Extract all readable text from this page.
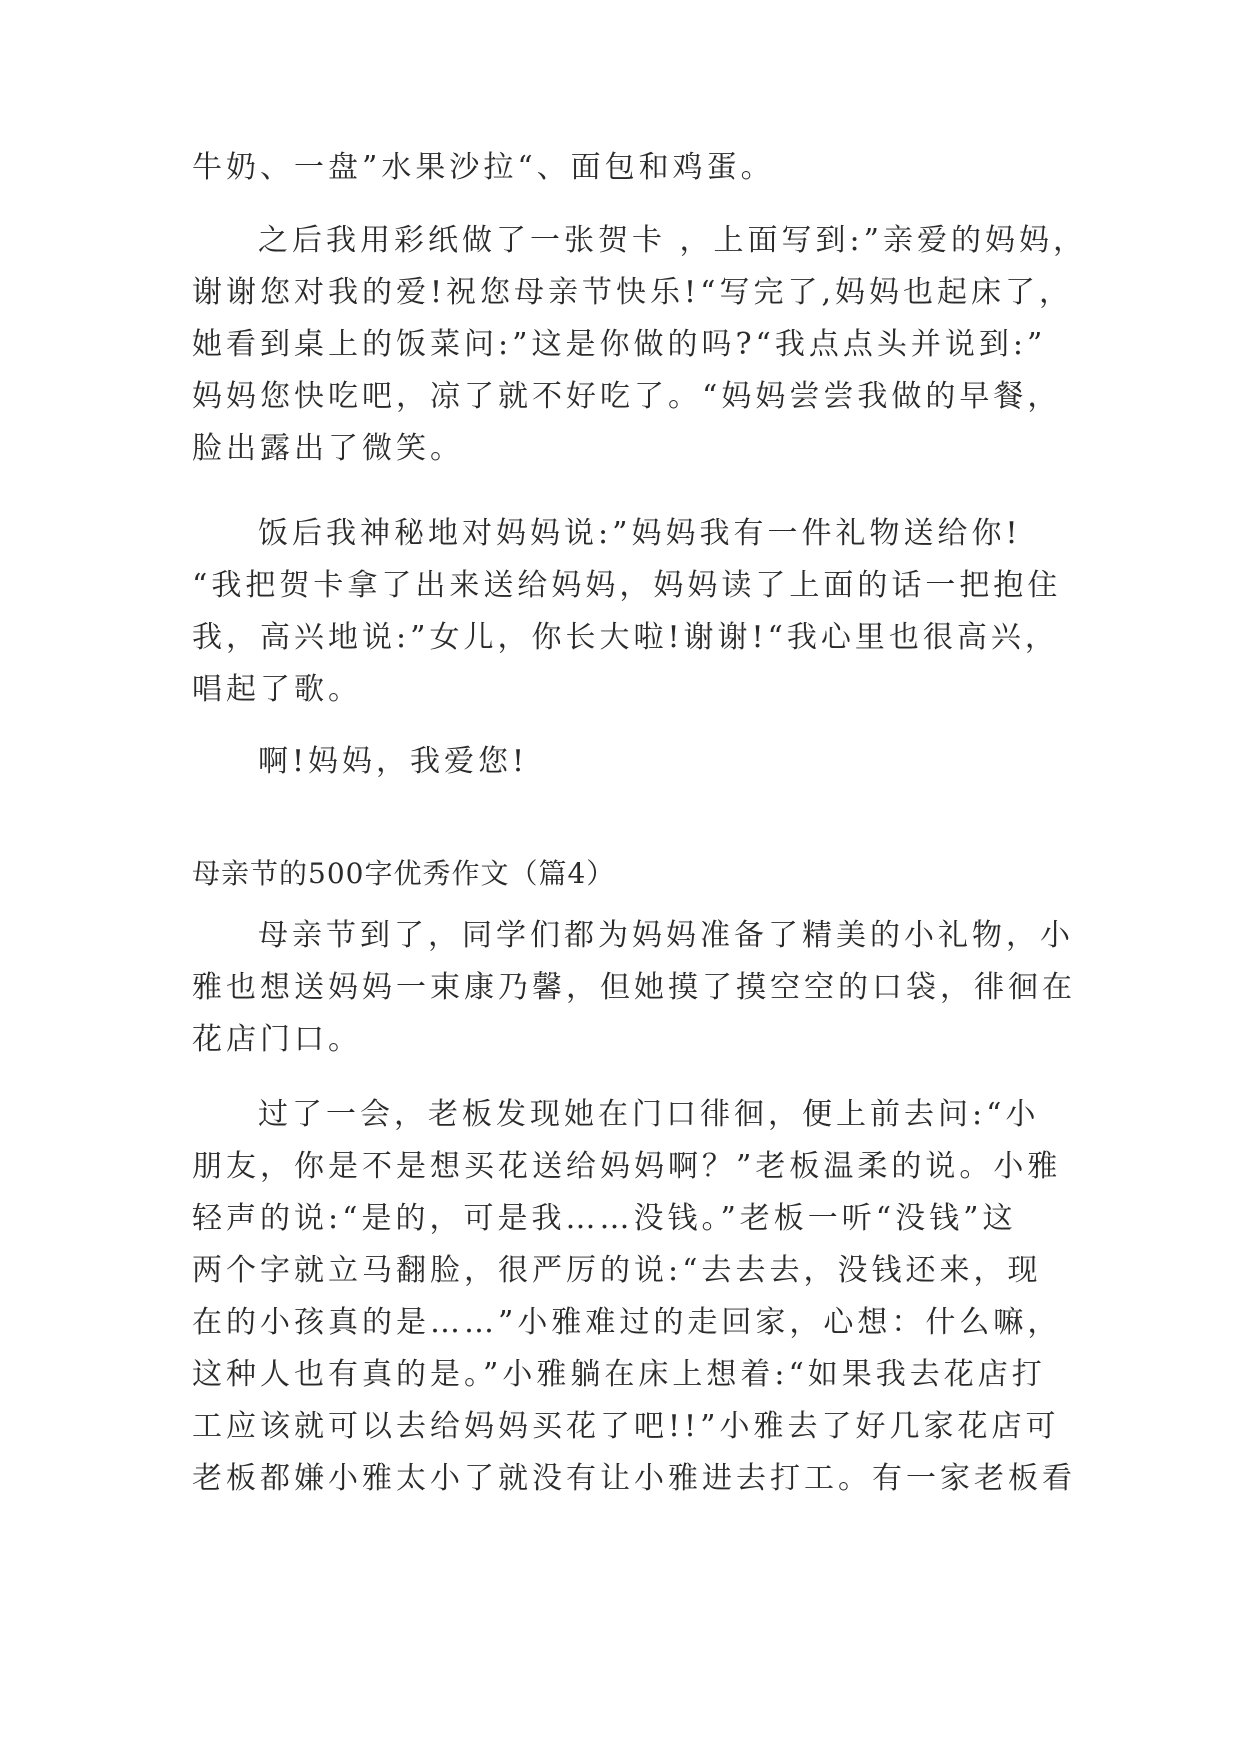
牛奶、一盘”水果沙拉“、面包和鸡蛋。
之后我用彩纸做了一张贺卡 ，上面写到:”亲爱的妈妈，
谢谢您对我的爱!祝您母亲节快乐!“写完了,妈妈也起床了，
她看到桌上的饭菜问:”这是你做的吗?“我点点头并说到:”
妈妈您快吃吧，凉了就不好吃了。“妈妈尝尝我做的早餐，
脸出露出了微笑。
饭后我神秘地对妈妈说:”妈妈我有一件礼物送给你!
“我把贺卡拿了出来送给妈妈，妈妈读了上面的话一把抱住
我，高兴地说:”女儿，你长大啦!谢谢!“我心里也很高兴，
唱起了歌。
啊!妈妈，我爱您!
母亲节的500字优秀作文（篇4）
母亲节到了，同学们都为妈妈准备了精美的小礼物，小
雅也想送妈妈一束康乃馨，但她摸了摸空空的口袋，徘徊在
花店门口。
过了一会，老板发现她在门口徘徊，便上前去问:“小
朋友，你是不是想买花送给妈妈啊？”老板温柔的说。小雅
轻声的说:“是的，可是我……没钱。”老板一听“没钱”这
两个字就立马翻脸，很严厉的说:“去去去，没钱还来，现
在的小孩真的是……”小雅难过的走回家，心想：什么嘛，
这种人也有真的是。”小雅躺在床上想着:“如果我去花店打
工应该就可以去给妈妈买花了吧!!”小雅去了好几家花店可
老板都嫌小雅太小了就没有让小雅进去打工。有一家老板看
